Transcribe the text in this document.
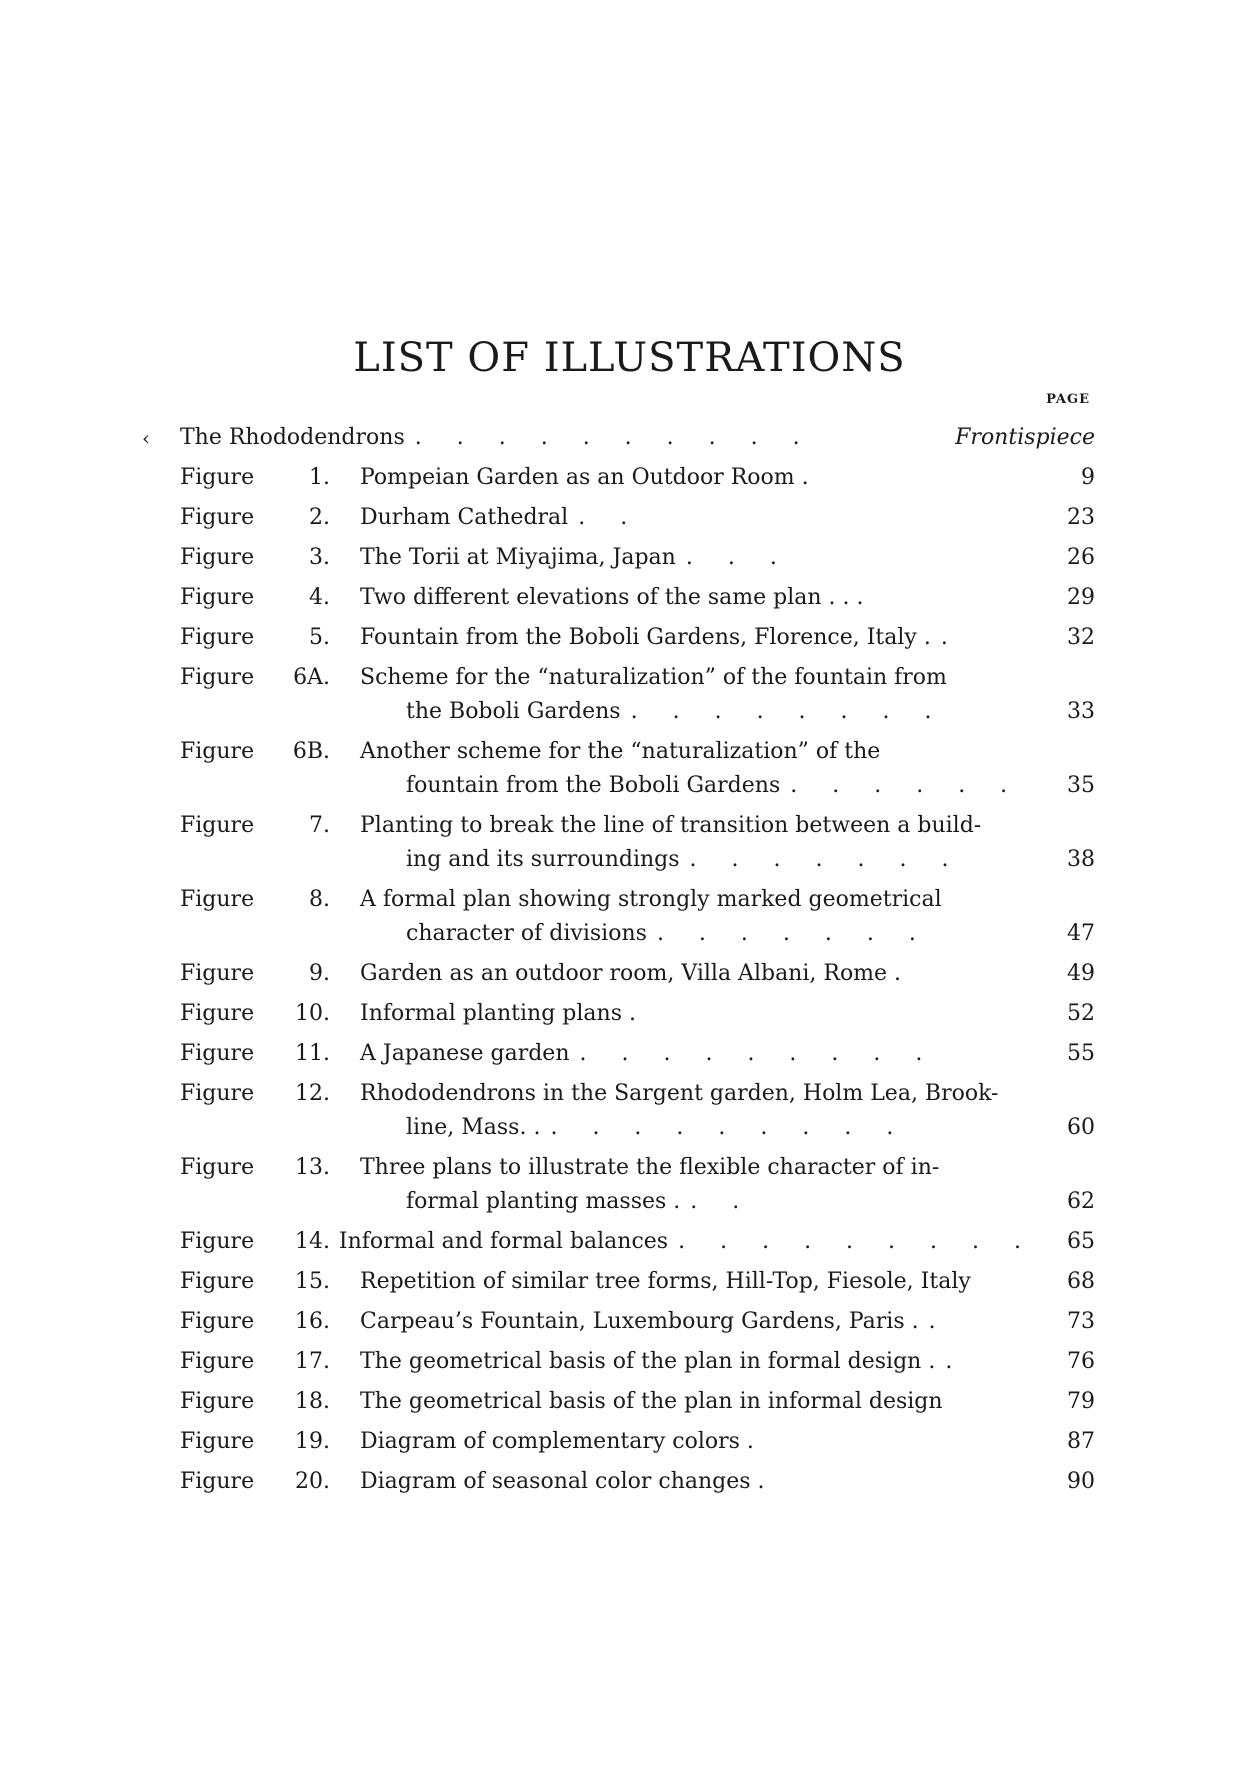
LIST OF ILLUSTRATIONS
PAGE
‹ The Rhododendrons . . . . . . . . . .	Frontispiece
Figure	1. Pompeian Garden as an Outdoor Room .	9
Figure	2. Durham Cathedral . .	23
Figure	3. The Torii at Miyajima, Japan . . .	26
Figure	4. Two different elevations of the same plan . . .	29
Figure	5. Fountain from the Boboli Gardens, Florence, Italy . .	32
Figure	6A. Scheme for the “naturalization” of the fountain from
the Boboli Gardens . . . . . . . .	33
Figure	6B. Another scheme for the “naturalization” of the
fountain from the Boboli Gardens . . . . . .	35
Figure	7. Planting to break the line of transition between a build-
ing and its surroundings . . . . . . .	38
Figure	8. A formal plan showing strongly marked geometrical
character of divisions . . . . . . .	47
Figure	9. Garden as an outdoor room, Villa Albani, Rome .	49
Figure	10. Informal planting plans .	52
Figure	11. A Japanese garden . . . . . . . . .	55
Figure	12. Rhododendrons in the Sargent garden, Holm Lea, Brook-
line, Mass. . . . . . . . . . .	60
Figure	13. Three plans to illustrate the flexible character of in-
formal planting masses . . .	62
Figure	14. Informal and formal balances . . . . . . . . .	65
Figure	15. Repetition of similar tree forms, Hill-Top, Fiesole, Italy	68
Figure	16. Carpeau’s Fountain, Luxembourg Gardens, Paris . .	73
Figure	17. The geometrical basis of the plan in formal design . .	76
Figure	18. The geometrical basis of the plan in informal design	79
Figure	19. Diagram of complementary colors .	87
Figure	20. Diagram of seasonal color changes .	90
